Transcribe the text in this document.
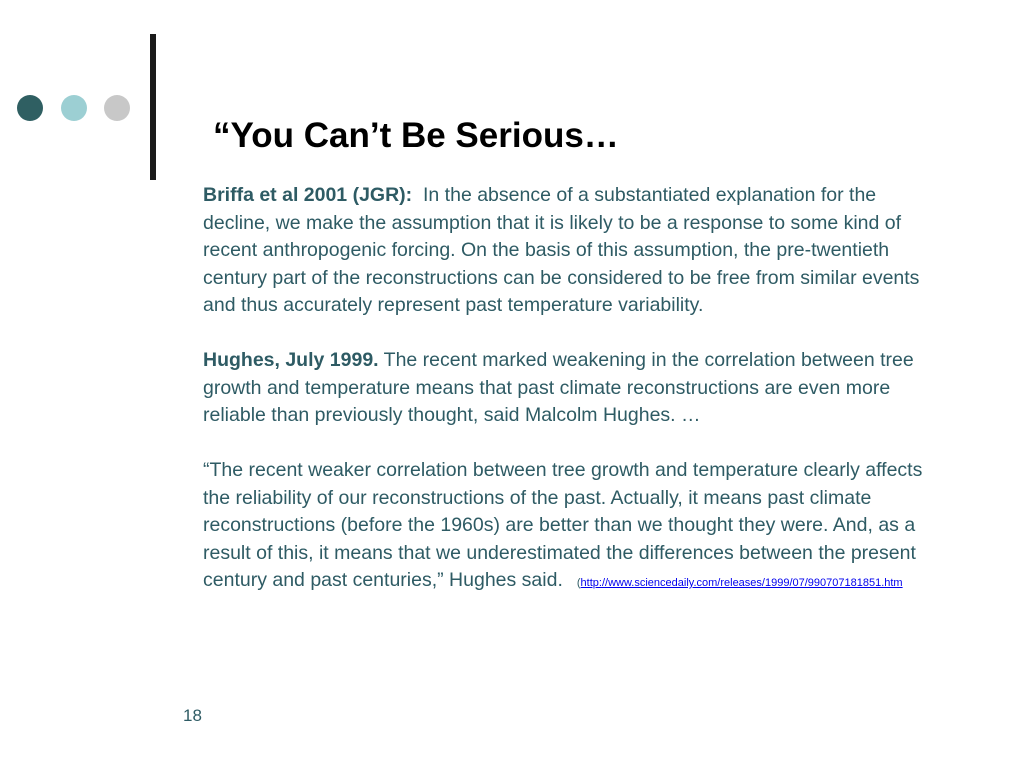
“You Can’t Be Serious…

Briffa et al 2001 (JGR): In the absence of a substantiated explanation for the decline, we make the assumption that it is likely to be a response to some kind of recent anthropogenic forcing. On the basis of this assumption, the pre-twentieth century part of the reconstructions can be considered to be free from similar events and thus accurately represent past temperature variability.

Hughes, July 1999. The recent marked weakening in the correlation between tree growth and temperature means that past climate reconstructions are even more reliable than previously thought, said Malcolm Hughes. …

“The recent weaker correlation between tree growth and temperature clearly affects the reliability of our reconstructions of the past. Actually, it means past climate reconstructions (before the 1960s) are better than we thought they were. And, as a result of this, it means that we underestimated the differences between the present century and past centuries,” Hughes said. (http://www.sciencedaily.com/releases/1999/07/990707181851.htm

18
